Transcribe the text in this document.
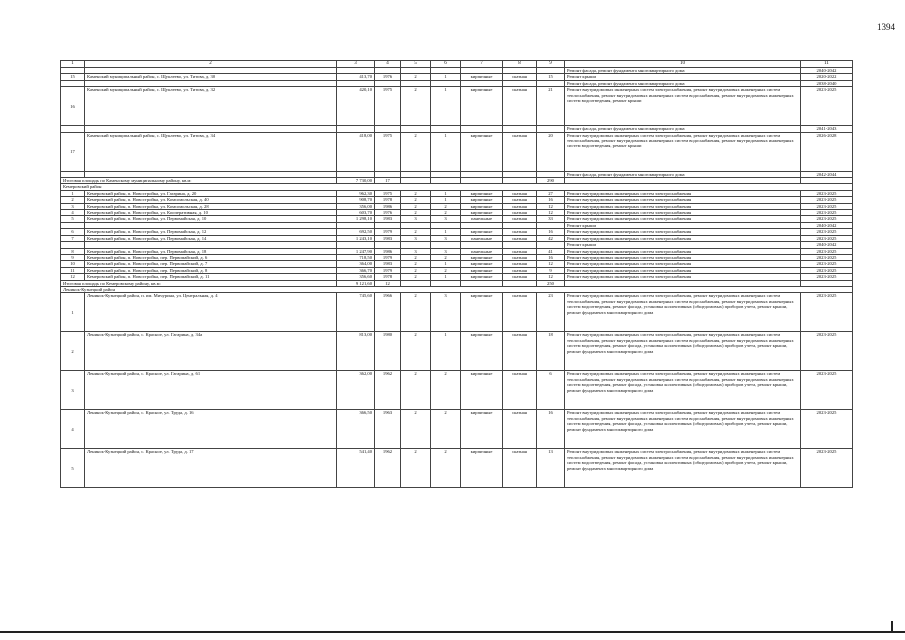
1394
1	2	3	4	5	6	7	8	9	10	11
									Ремонт фасада, ремонт фундамента многоквартирного дома	2040-2042
15	Каменский муниципальный район, с. Щуклеево, ул. Титова, д. 30	413,70	1976	2	1	кирпичные	скатная	15	Ремонт крыши	2020-2022
									Ремонт фасада, ремонт фундамента многоквартирного дома	2038-2040
16	Каменский муниципальный район, с. Щуклеево, ул. Титова, д. 32	420,10	1975	2	1	кирпичные	скатная	21	Ремонт внутридомовых инженерных систем электроснабжения, ремонт внутридомовых инженерных систем теплоснабжения, ремонт внутридомовых инженерных систем водоснабжения, ремонт внутридомовых инженерных систем водоотведения, ремонт крыши	2023-2025
									Ремонт фасада, ремонт фундамента многоквартирного дома	2041-2043
17	Каменский муниципальный район, с. Щуклеево, ул. Титова, д. 34	418,00	1975	2	1	кирпичные	скатная	20	Ремонт внутридомовых инженерных систем электроснабжения, ремонт внутридомовых инженерных систем теплоснабжения, ремонт внутридомовых инженерных систем водоснабжения, ремонт внутридомовых инженерных систем водоотведения, ремонт крыши	2026-2028
									Ремонт фасада, ремонт фундамента многоквартирного дома	2042-2044
Итоговая площадь по Каменскому муниципальному району, кв.м:		7 730,00	17					290		
Кемеровский район										
1	Кемеровский район, п. Новостройка, ул. Гагарина, д. 20	962,30	1975	2	1	кирпичные	скатная	27	Ремонт внутридомовых инженерных систем электроснабжения	2023-2025
2	Кемеровский район, п. Новостройка, ул. Комсомольская, д. 40	908,70	1978	2	1	кирпичные	скатная	16	Ремонт внутридомовых инженерных систем электроснабжения	2023-2025
3	Кемеровский район, п. Новостройка, ул. Комсомольская, д. 28	356,00	1986	2	2	кирпичные	скатная	12	Ремонт внутридомовых инженерных систем электроснабжения	2023-2025
4	Кемеровский район, п. Новостройка, ул. Кооперативная, д. 10	603,70	1976	2	2	кирпичные	скатная	12	Ремонт внутридомовых инженерных систем электроснабжения	2023-2025
5	Кемеровский район, п. Новостройка, ул. Первомайская, д. 10	1 298,10	1983	3	3	панельные	скатная	33	Ремонт внутридомовых инженерных систем электроснабжения	2023-2025
									Ремонт крыши	2040-2042
6	Кемеровский район, п. Новостройка, ул. Первомайская, д. 12	692,50	1979	2	1	кирпичные	скатная	16	Ремонт внутридомовых инженерных систем электроснабжения	2023-2025
7	Кемеровский район, п. Новостройка, ул. Первомайская, д. 14	1 243,10	1983	3	3	панельные	скатная	42	Ремонт внутридомовых инженерных систем электроснабжения	2023-2025
									Ремонт крыши	2040-2042
8	Кемеровский район, п. Новостройка, ул. Первомайская, д. 18	1 247,90	1986	3	3	панельные	скатная	41	Ремонт внутридомовых инженерных систем электроснабжения	2023-2025
9	Кемеровский район, п. Новостройка, пер. Первомайский, д. 6	718,50	1979	2	2	кирпичные	скатная	16	Ремонт внутридомовых инженерных систем электроснабжения	2023-2025
10	Кемеровский район, п. Новостройка, пер. Первомайский, д. 7	364,00	1983	2	1	кирпичные	скатная	12	Ремонт внутридомовых инженерных систем электроснабжения	2023-2025
11	Кемеровский район, п. Новостройка, пер. Первомайский, д. 8	366,70	1979	2	2	кирпичные	скатная	9	Ремонт внутридомовых инженерных систем электроснабжения	2023-2025
12	Кемеровский район, п. Новостройка, пер. Первомайский, д. 11	356,60	1978	2	1	кирпичные	скатная	12	Ремонт внутридомовых инженерных систем электроснабжения	2023-2025
Итоговая площадь по Кемеровскому району, кв.м:		9 121,60	12					250		
Ленинск-Кузнецкий район										
1	Ленинск-Кузнецкий район, п. им. Мичурина, ул. Центральная, д. 4	745,60	1966	2	3	кирпичные	скатная	23	Ремонт внутридомовых инженерных систем электроснабжения, ремонт внутридомовых инженерных систем теплоснабжения, ремонт внутридомовых инженерных систем водоснабжения, ремонт внутридомовых инженерных систем водоотведения, ремонт фасада, установка коллективных (общедомовых) приборов учета, ремонт крыши, ремонт фундамента многоквартирного дома	2023-2025
2	Ленинск-Кузнецкий район, с. Красное, ул. Гагарина, д. 34а	813,00	1980	2	1	кирпичные	скатная	18	Ремонт внутридомовых инженерных систем электроснабжения, ремонт внутридомовых инженерных систем теплоснабжения, ремонт внутридомовых инженерных систем водоснабжения, ремонт внутридомовых инженерных систем водоотведения, ремонт фасада, установка коллективных (общедомовых) приборов учета, ремонт крыши, ремонт фундамента многоквартирного дома	2023-2025
3	Ленинск-Кузнецкий район, с. Красное, ул. Гагарина, д. 61	362,00	1962	2	2	кирпичные	скатная	6	Ремонт внутридомовых инженерных систем электроснабжения, ремонт внутридомовых инженерных систем теплоснабжения, ремонт внутридомовых инженерных систем водоснабжения, ремонт внутридомовых инженерных систем водоотведения, ремонт фасада, установка коллективных (общедомовых) приборов учета, ремонт крыши, ремонт фундамента многоквартирного дома	2023-2025
4	Ленинск-Кузнецкий район, с. Красное, ул. Труда, д. 16	366,50	1963	2	2	кирпичные	скатная	16	Ремонт внутридомовых инженерных систем электроснабжения, ремонт внутридомовых инженерных систем теплоснабжения, ремонт внутридомовых инженерных систем водоснабжения, ремонт внутридомовых инженерных систем водоотведения, ремонт фасада, установка коллективных (общедомовых) приборов учета, ремонт крыши, ремонт фундамента многоквартирного дома	2023-2025
5	Ленинск-Кузнецкий район, с. Красное, ул. Труда, д. 17	541,40	1962	2	2	кирпичные	скатная	13	Ремонт внутридомовых инженерных систем электроснабжения, ремонт внутридомовых инженерных систем теплоснабжения, ремонт внутридомовых инженерных систем водоснабжения, ремонт внутридомовых инженерных систем водоотведения, ремонт фасада, установка коллективных (общедомовых) приборов учета, ремонт крыши, ремонт фундамента многоквартирного дома	2023-2025
